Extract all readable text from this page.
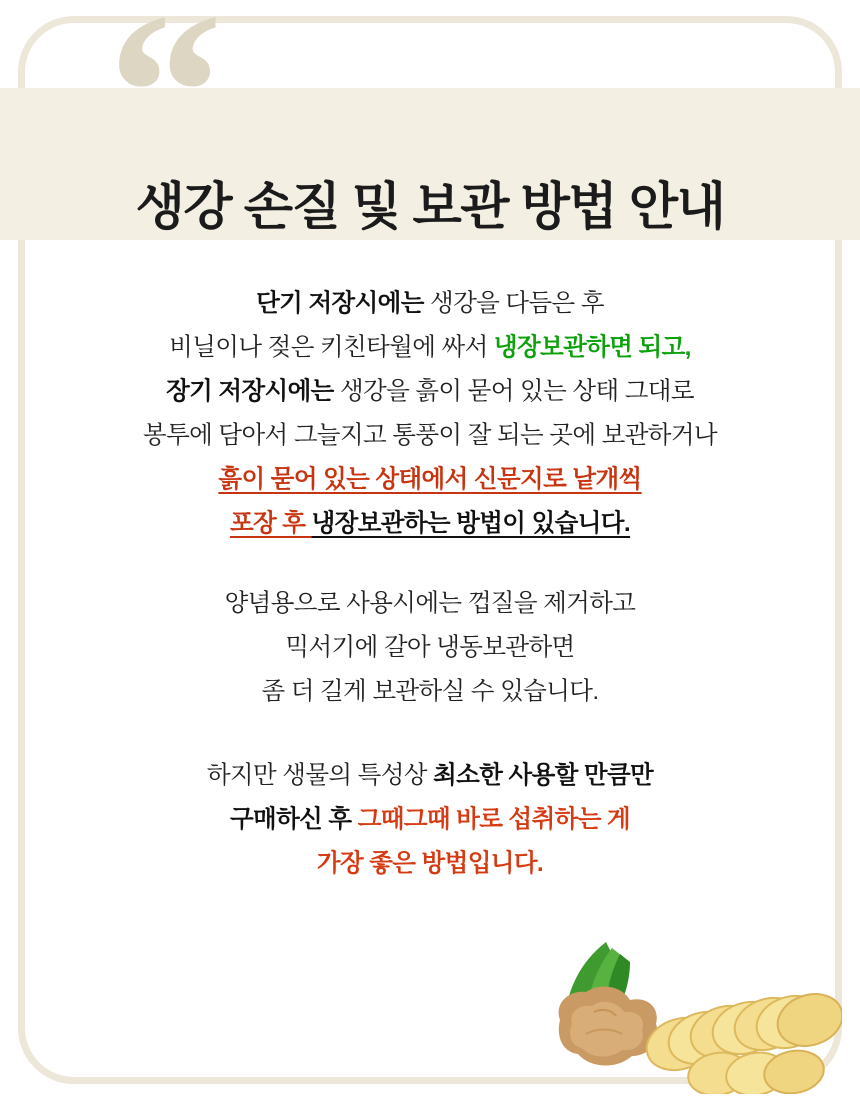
“
생강 손질 및 보관 방법 안내

단기 저장시에는 생강을 다듬은 후
비닐이나 젖은 키친타월에 싸서 냉장보관하면 되고,
장기 저장시에는 생강을 흙이 묻어 있는 상태 그대로
봉투에 담아서 그늘지고 통풍이 잘 되는 곳에 보관하거나
흙이 묻어 있는 상태에서 신문지로 낱개씩
포장 후 냉장보관하는 방법이 있습니다.

양념용으로 사용시에는 껍질을 제거하고
믹서기에 갈아 냉동보관하면
좀 더 길게 보관하실 수 있습니다.

하지만 생물의 특성상 최소한 사용할 만큼만
구매하신 후 그때그때 바로 섭취하는 게
가장 좋은 방법입니다.
